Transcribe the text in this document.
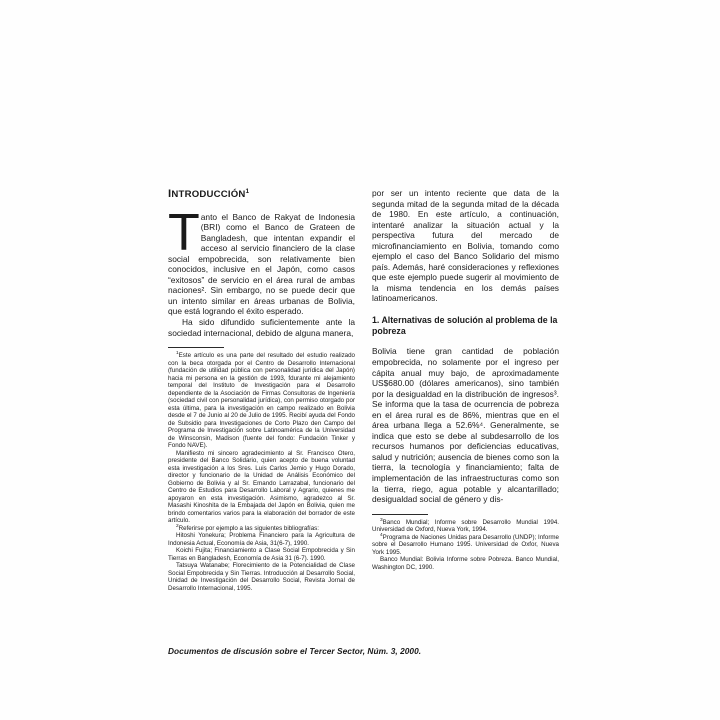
INTRODUCCIÓN$^1$

Tanto el Banco de Rakyat de Indonesia (BRI) como el Banco de Grateen de Bangladesh, que intentan expandir el acceso al servicio financiero de la clase social empobrecida, son relativamente bien conocidos, inclusive en el Japón, como casos “exitosos” de servicio en el área rural de ambas naciones². Sin embargo, no se puede decir que un intento similar en áreas urbanas de Bolivia, que está logrando el éxito esperado.

Ha sido difundido suficientemente ante la sociedad internacional, debido de alguna manera,

$^1$Este artículo es una parte del resultado del estudio realizado con la beca otorgada por el Centro de Desarrollo Internacional (fundación de utilidad pública con personalidad jurídica del Japón) hacia mi persona en la gestión de 1993, fdurante mi alejamiento temporal del Instituto de Investigación para el Desarrollo dependiente de la Asociación de Firmas Consultoras de Ingeniería (sociedad civil con personalidad jurídica), con permiso otorgado por esta última, para la investigación en campo realizado en Bolivia desde el 7 de Junio al 20 de Julio de 1995. Recibí ayuda del Fondo de Subsidio para Investigaciones de Corto Plazo den Campo del Programa de Investigación sobre Latinoamérica de la Universidad de Winsconsin, Madison (fuente del fondo: Fundación Tinker y Fondo NAVE).

Manifiesto mi sincero agradecimiento al Sr. Francisco Otero, presidente del Banco Solidario, quien acepto de buena voluntad esta investigación a los Sres. Luis Carlos Jemio y Hugo Dorado, director y funcionario de la Unidad de Análisis Económico del Gobierno de Bolivia y al Sr. Emando Larrazabal, funcionario del Centro de Estudios para Desarrollo Laboral y Agrario, quienes me apoyaron en esta investigación. Asimismo, agradezco al Sr. Masashi Kinoshita de la Embajada del Japón en Bolivia, quien me brindo comentarios varios para la elaboración del borrador de este artículo.

$^2$Referirse por ejemplo a las siguientes bibliografías:

Hitoshi Yonekura; Problema Financiero para la Agricultura de Indonesia Actual, Economía de Asia, 31(6-7), 1990.

Koichi Fujita; Financiamiento a Clase Social Empobrecida y Sin Tierras en Bangladesh, Economía de Asia 31 (6-7). 1990.

Tatsuya Watanabe; Florecimiento de la Potencialidad de Clase Social Empobrecida y Sin Tierras. Introducción al Desarrollo Social, Unidad de Investigación del Desarrollo Social, Revista Jornal de Desarrollo Internacional, 1995.

por ser un intento reciente que data de la segunda mitad de la segunda mitad de la década de 1980. En este artículo, a continuación, intentaré analizar la situación actual y la perspectiva futura del mercado de microfinanciamiento en Bolivia, tomando como ejemplo el caso del Banco Solidario del mismo país. Además, haré consideraciones y reflexiones que este ejemplo puede sugerir al movimiento de la misma tendencia en los demás países latinoamericanos.

1. Alternativas de solución al problema de la pobreza

Bolivia tiene gran cantidad de población empobrecida, no solamente por el ingreso per cápita anual muy bajo, de aproximadamente US$680.00 (dólares americanos), sino también por la desigualdad en la distribución de ingresos³. Se informa que la tasa de ocurrencia de pobreza en el área rural es de 86%, mientras que en el área urbana llega a 52.6%⁴. Generalmente, se indica que esto se debe al subdesarrollo de los recursos humanos por deficiencias educativas, salud y nutrición; ausencia de bienes como son la tierra, la tecnología y financiamiento; falta de implementación de las infraestructuras como son la tierra, riego, agua potable y alcantarillado; desigualdad social de género y dis-

$^3$Banco Mundial; Informe sobre Desarrollo Mundial 1994. Universidad de Oxford, Nueva York, 1994.

$^4$Programa de Naciones Unidas para Desarrollo (UNDP); Informe sobre el Desarrollo Humano 1995. Universidad de Oxfor, Nueva York 1995.

Banco Mundial: Bolivia Informe sobre Pobreza. Banco Mundial, Washington DC, 1990.

Documentos de discusión sobre el Tercer Sector, Núm. 3, 2000.
